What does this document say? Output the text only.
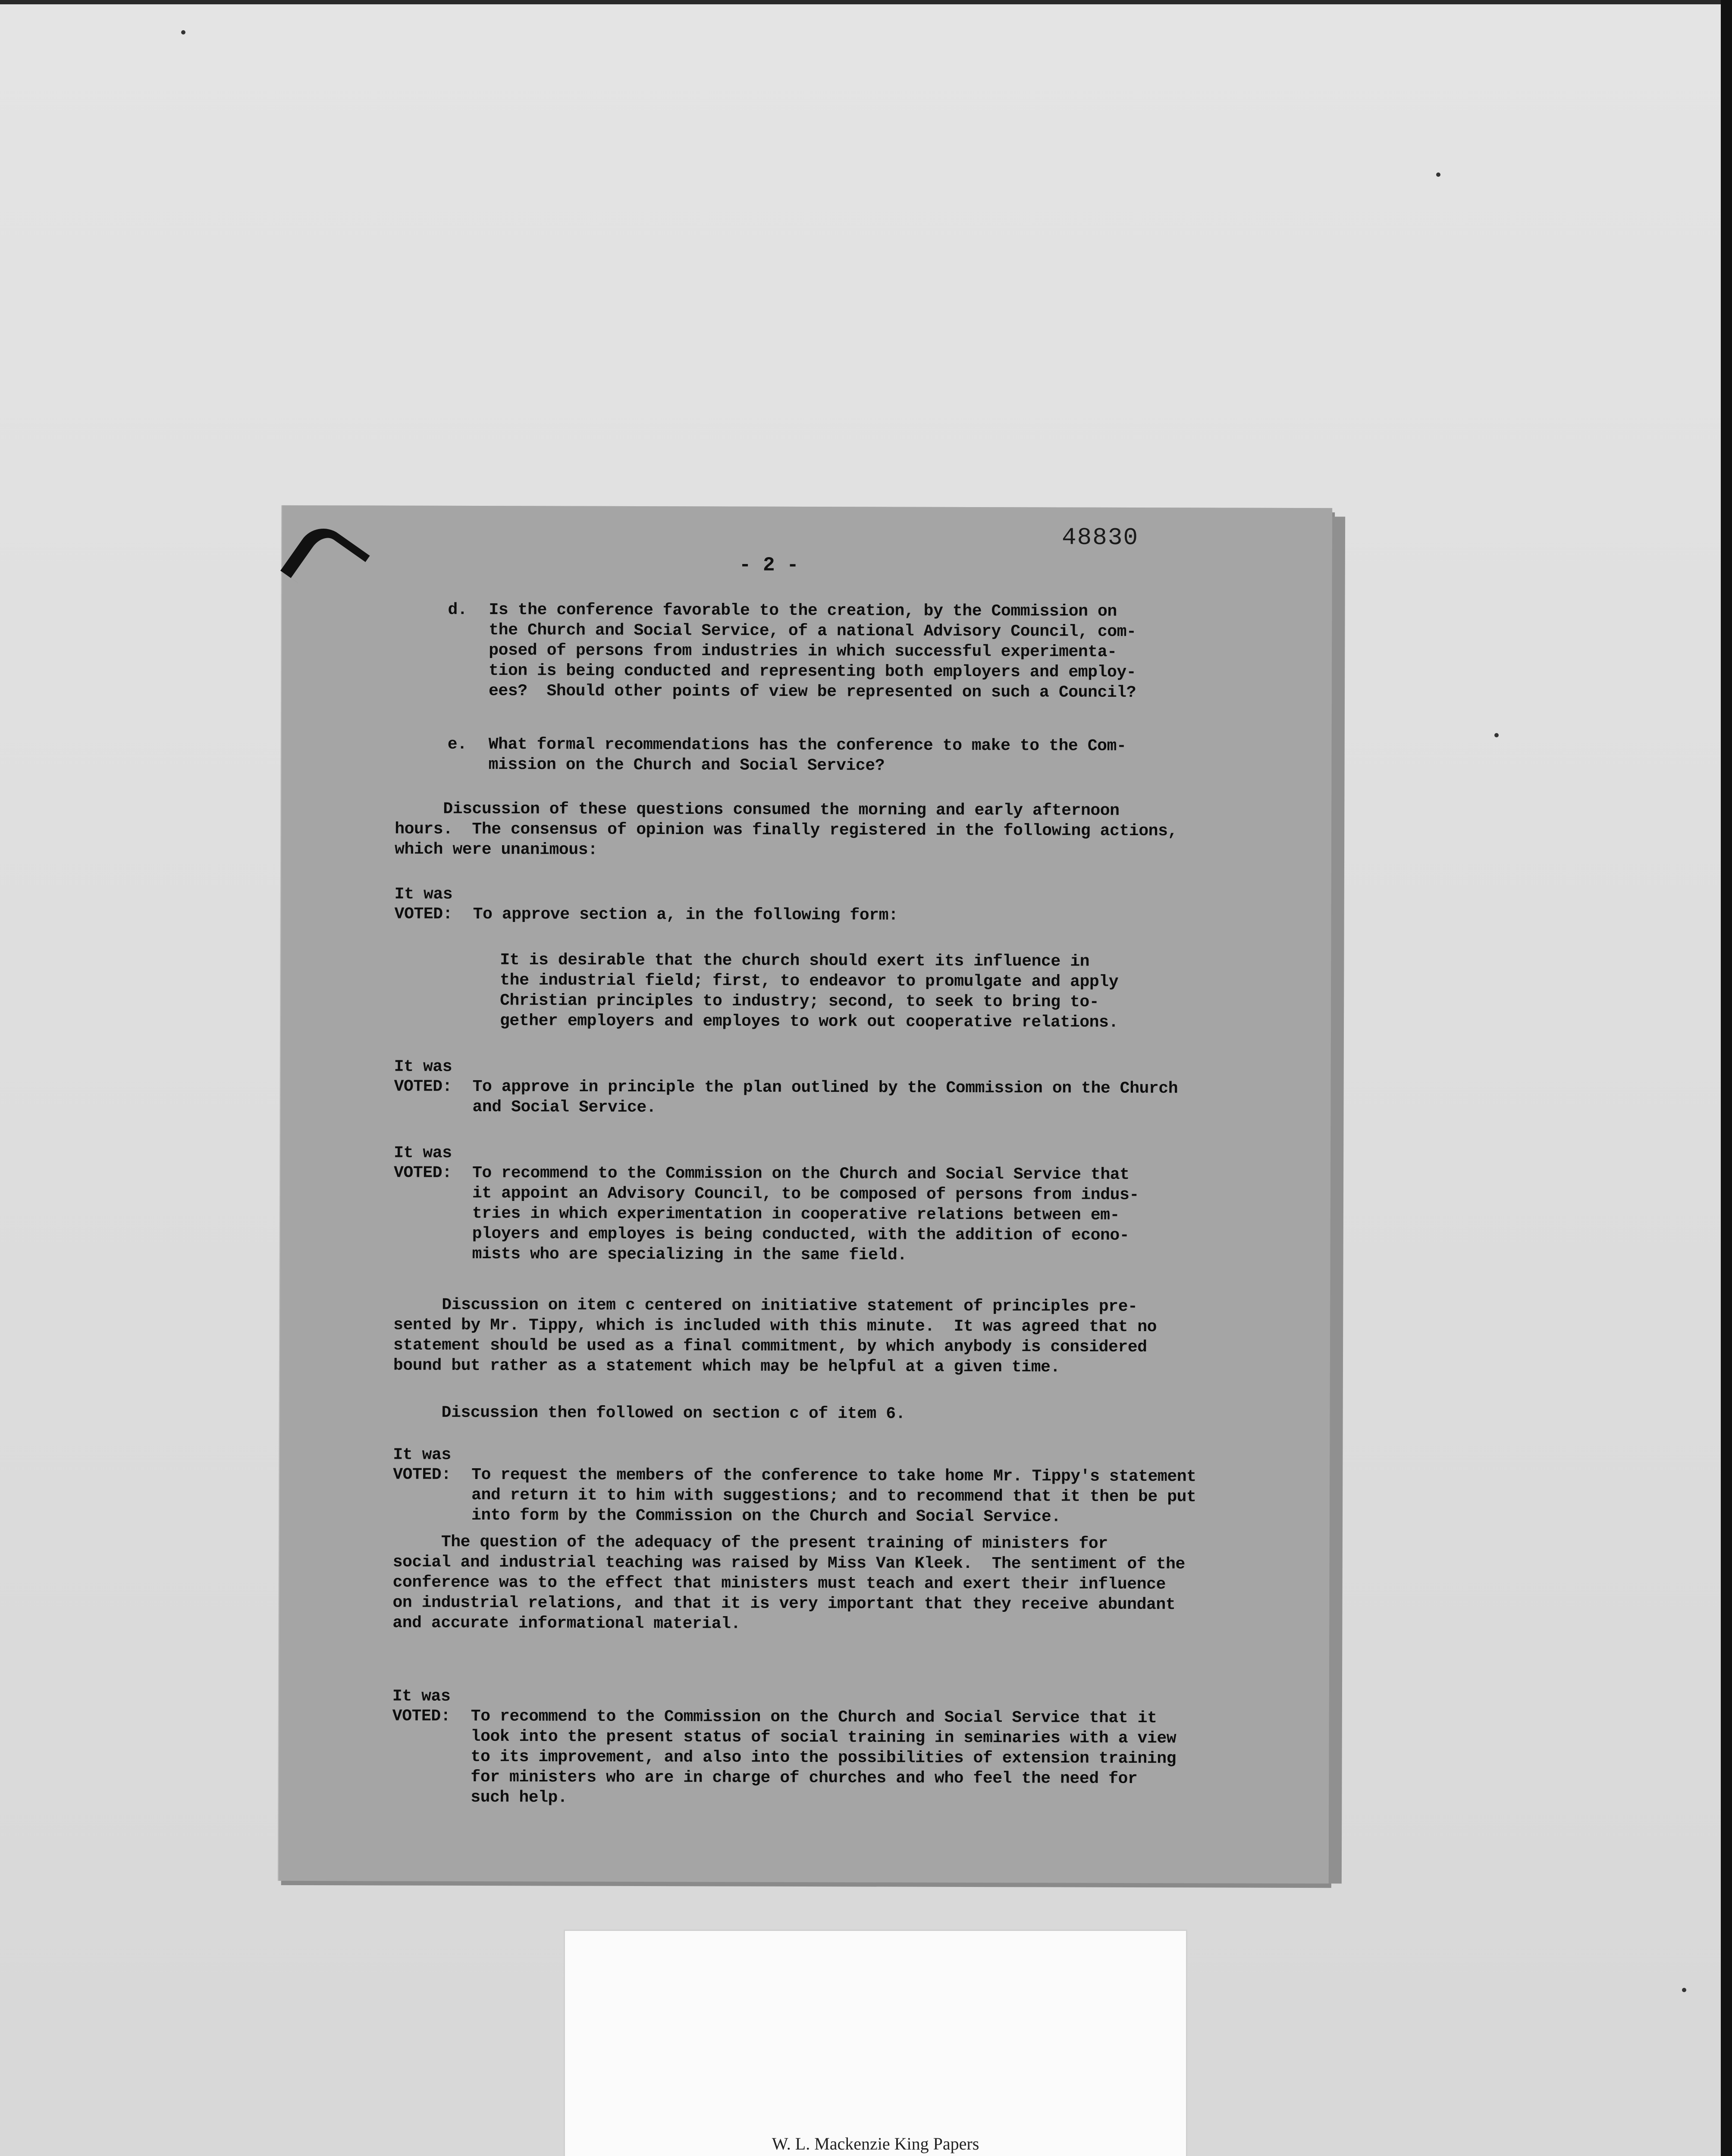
48830
- 2 -
d. Is the conference favorable to the creation, by the Commission on
the Church and Social Service, of a national Advisory Council, com-
posed of persons from industries in which successful experimenta-
tion is being conducted and representing both employers and employ-
ees?  Should other points of view be represented on such a Council?
e. What formal recommendations has the conference to make to the Com-
mission on the Church and Social Service?
Discussion of these questions consumed the morning and early afternoon
hours.  The consensus of opinion was finally registered in the following actions,
which were unanimous:
It was
VOTED: To approve section a, in the following form:
It is desirable that the church should exert its influence in
the industrial field; first, to endeavor to promulgate and apply
Christian principles to industry; second, to seek to bring to-
gether employers and employes to work out cooperative relations.
It was
VOTED: To approve in principle the plan outlined by the Commission on the Church
and Social Service.
It was
VOTED: To recommend to the Commission on the Church and Social Service that
it appoint an Advisory Council, to be composed of persons from indus-
tries in which experimentation in cooperative relations between em-
ployers and employes is being conducted, with the addition of econo-
mists who are specializing in the same field.
Discussion on item c centered on initiative statement of principles pre-
sented by Mr. Tippy, which is included with this minute.  It was agreed that no
statement should be used as a final commitment, by which anybody is considered
bound but rather as a statement which may be helpful at a given time.
Discussion then followed on section c of item 6.
It was
VOTED: To request the members of the conference to take home Mr. Tippy's statement
and return it to him with suggestions; and to recommend that it then be put
into form by the Commission on the Church and Social Service.
The question of the adequacy of the present training of ministers for
social and industrial teaching was raised by Miss Van Kleek.  The sentiment of the
conference was to the effect that ministers must teach and exert their influence
on industrial relations, and that it is very important that they receive abundant
and accurate informational material.
It was
VOTED: To recommend to the Commission on the Church and Social Service that it
look into the present status of social training in seminaries with a view
to its improvement, and also into the possibilities of extension training
for ministers who are in charge of churches and who feel the need for
such help.
W. L. Mackenzie King Papers
